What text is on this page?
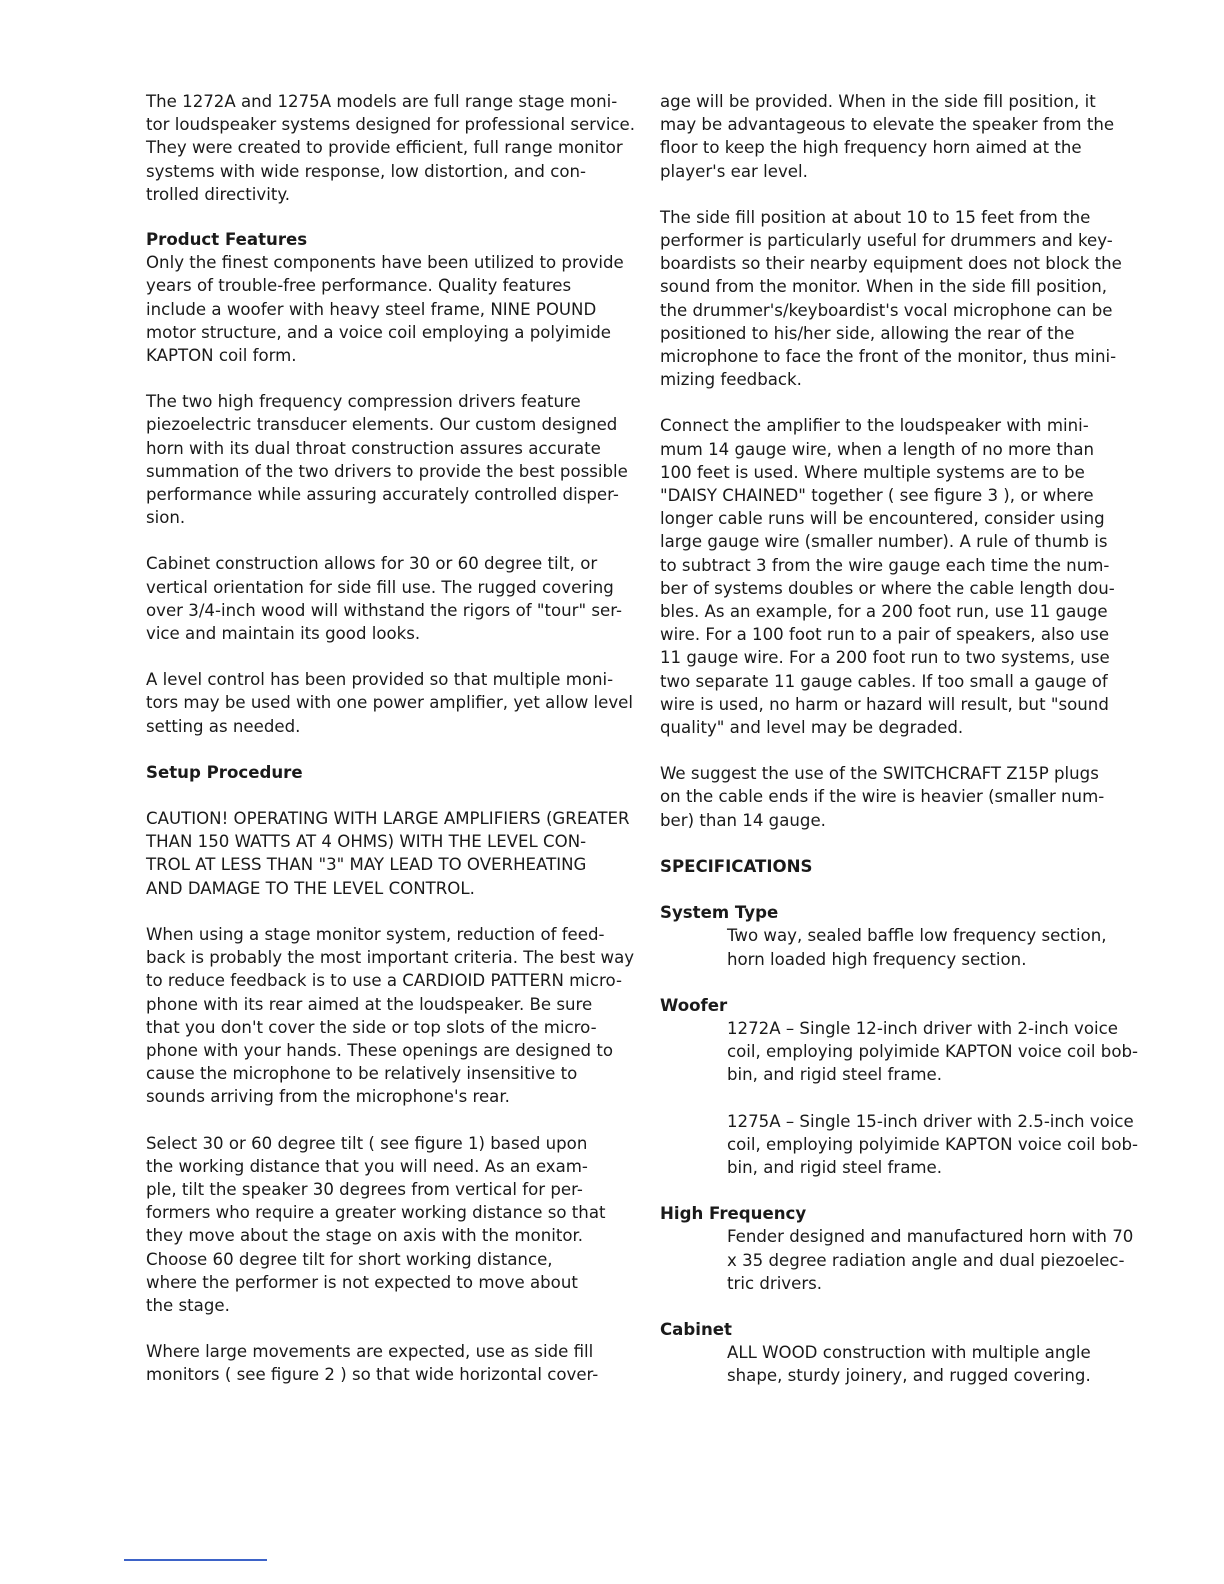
The 1272A and 1275A models are full range stage moni-
tor loudspeaker systems designed for professional service.
They were created to provide efficient, full range monitor
systems with wide response, low distortion, and con-
trolled directivity.

Product Features

Only the finest components have been utilized to provide
years of trouble-free performance. Quality features
include a woofer with heavy steel frame, NINE POUND
motor structure, and a voice coil employing a polyimide
KAPTON coil form.

The two high frequency compression drivers feature
piezoelectric transducer elements. Our custom designed
horn with its dual throat construction assures accurate
summation of the two drivers to provide the best possible
performance while assuring accurately controlled disper-
sion.

Cabinet construction allows for 30 or 60 degree tilt, or
vertical orientation for side fill use. The rugged covering
over 3/4-inch wood will withstand the rigors of "tour" ser-
vice and maintain its good looks.

A level control has been provided so that multiple moni-
tors may be used with one power amplifier, yet allow level
setting as needed.

Setup Procedure

CAUTION! OPERATING WITH LARGE AMPLIFIERS (GREATER
THAN 150 WATTS AT 4 OHMS) WITH THE LEVEL CON-
TROL AT LESS THAN "3" MAY LEAD TO OVERHEATING
AND DAMAGE TO THE LEVEL CONTROL.

When using a stage monitor system, reduction of feed-
back is probably the most important criteria. The best way
to reduce feedback is to use a CARDIOID PATTERN micro-
phone with its rear aimed at the loudspeaker. Be sure
that you don't cover the side or top slots of the micro-
phone with your hands. These openings are designed to
cause the microphone to be relatively insensitive to
sounds arriving from the microphone's rear.

Select 30 or 60 degree tilt ( see figure 1) based upon
the working distance that you will need. As an exam-
ple, tilt the speaker 30 degrees from vertical for per-
formers who require a greater working distance so that
they move about the stage on axis with the monitor.
Choose 60 degree tilt for short working distance,
where the performer is not expected to move about
the stage.

Where large movements are expected, use as side fill
monitors ( see figure 2 ) so that wide horizontal cover-

age will be provided. When in the side fill position, it
may be advantageous to elevate the speaker from the
floor to keep the high frequency horn aimed at the
player's ear level.

The side fill position at about 10 to 15 feet from the
performer is particularly useful for drummers and key-
boardists so their nearby equipment does not block the
sound from the monitor. When in the side fill position,
the drummer's/keyboardist's vocal microphone can be
positioned to his/her side, allowing the rear of the
microphone to face the front of the monitor, thus mini-
mizing feedback.

Connect the amplifier to the loudspeaker with mini-
mum 14 gauge wire, when a length of no more than
100 feet is used. Where multiple systems are to be
"DAISY CHAINED" together ( see figure 3 ), or where
longer cable runs will be encountered, consider using
large gauge wire (smaller number). A rule of thumb is
to subtract 3 from the wire gauge each time the num-
ber of systems doubles or where the cable length dou-
bles. As an example, for a 200 foot run, use 11 gauge
wire. For a 100 foot run to a pair of speakers, also use
11 gauge wire. For a 200 foot run to two systems, use
two separate 11 gauge cables. If too small a gauge of
wire is used, no harm or hazard will result, but "sound
quality" and level may be degraded.

We suggest the use of the SWITCHCRAFT Z15P plugs
on the cable ends if the wire is heavier (smaller num-
ber) than 14 gauge.

SPECIFICATIONS

System Type

Two way, sealed baffle low frequency section,
horn loaded high frequency section.

Woofer

1272A – Single 12-inch driver with 2-inch voice
coil, employing polyimide KAPTON voice coil bob-
bin, and rigid steel frame.

1275A – Single 15-inch driver with 2.5-inch voice
coil, employing polyimide KAPTON voice coil bob-
bin, and rigid steel frame.

High Frequency

Fender designed and manufactured horn with 70
x 35 degree radiation angle and dual piezoelec-
tric drivers.

Cabinet

ALL WOOD construction with multiple angle
shape, sturdy joinery, and rugged covering.
